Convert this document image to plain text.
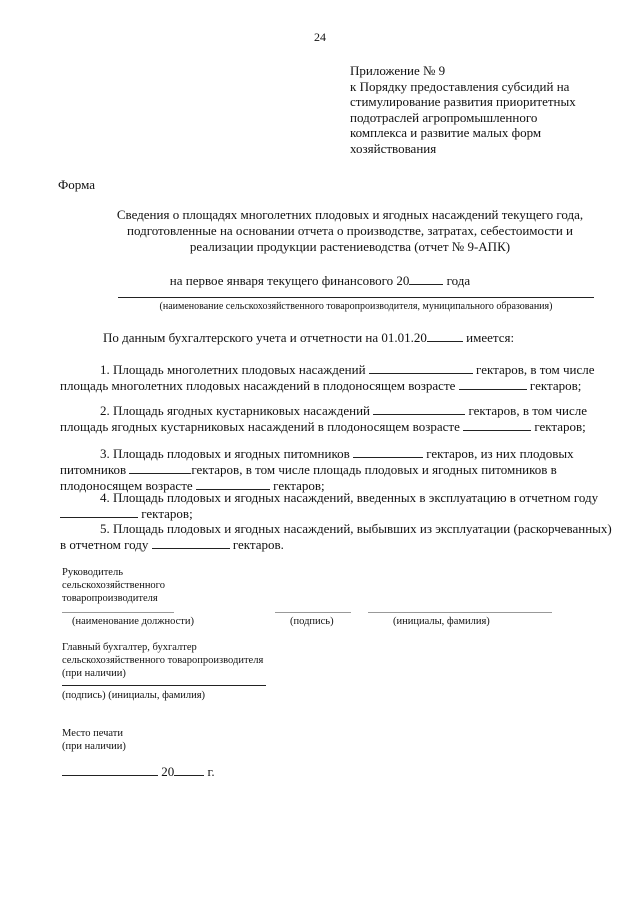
24
Приложение № 9
к Порядку предоставления субсидий на
стимулирование развития приоритетных
подотраслей агропромышленного
комплекса и развитие малых форм
хозяйствования
Форма
Сведения о площадях многолетних плодовых и ягодных насаждений текущего года,
подготовленные на основании отчета о производстве, затратах, себестоимости и
реализации продукции растениеводства (отчет № 9-АПК)
на первое января текущего финансового 20	года
(наименование сельскохозяйственного товаропроизводителя, муниципального образования)
По данным бухгалтерского учета и отчетности на 01.01.20	имеется:
1. Площадь многолетних плодовых насаждений	гектаров, в том числе
площадь многолетних плодовых насаждений в плодоносящем возрасте	гектаров;
2. Площадь ягодных кустарниковых насаждений	гектаров, в том числе
площадь ягодных кустарниковых насаждений в плодоносящем возрасте	гектаров;
3. Площадь плодовых и ягодных питомников	гектаров, из них плодовых
питомников	гектаров, в том числе площадь плодовых и ягодных питомников в
плодоносящем возрасте	гектаров;
4. Площадь плодовых и ягодных насаждений, введенных в эксплуатацию в отчетном году
гектаров;
5. Площадь плодовых и ягодных насаждений, выбывших из эксплуатации (раскорчеванных)
в отчетном году	гектаров.
Руководитель
сельскохозяйственного
товаропроизводителя
(наименование должности)	(подпись)	(инициалы, фамилия)
Главный бухгалтер, бухгалтер
сельскохозяйственного товаропроизводителя
(при наличии)
(подпись) (инициалы, фамилия)
Место печати
(при наличии)
20 г.
